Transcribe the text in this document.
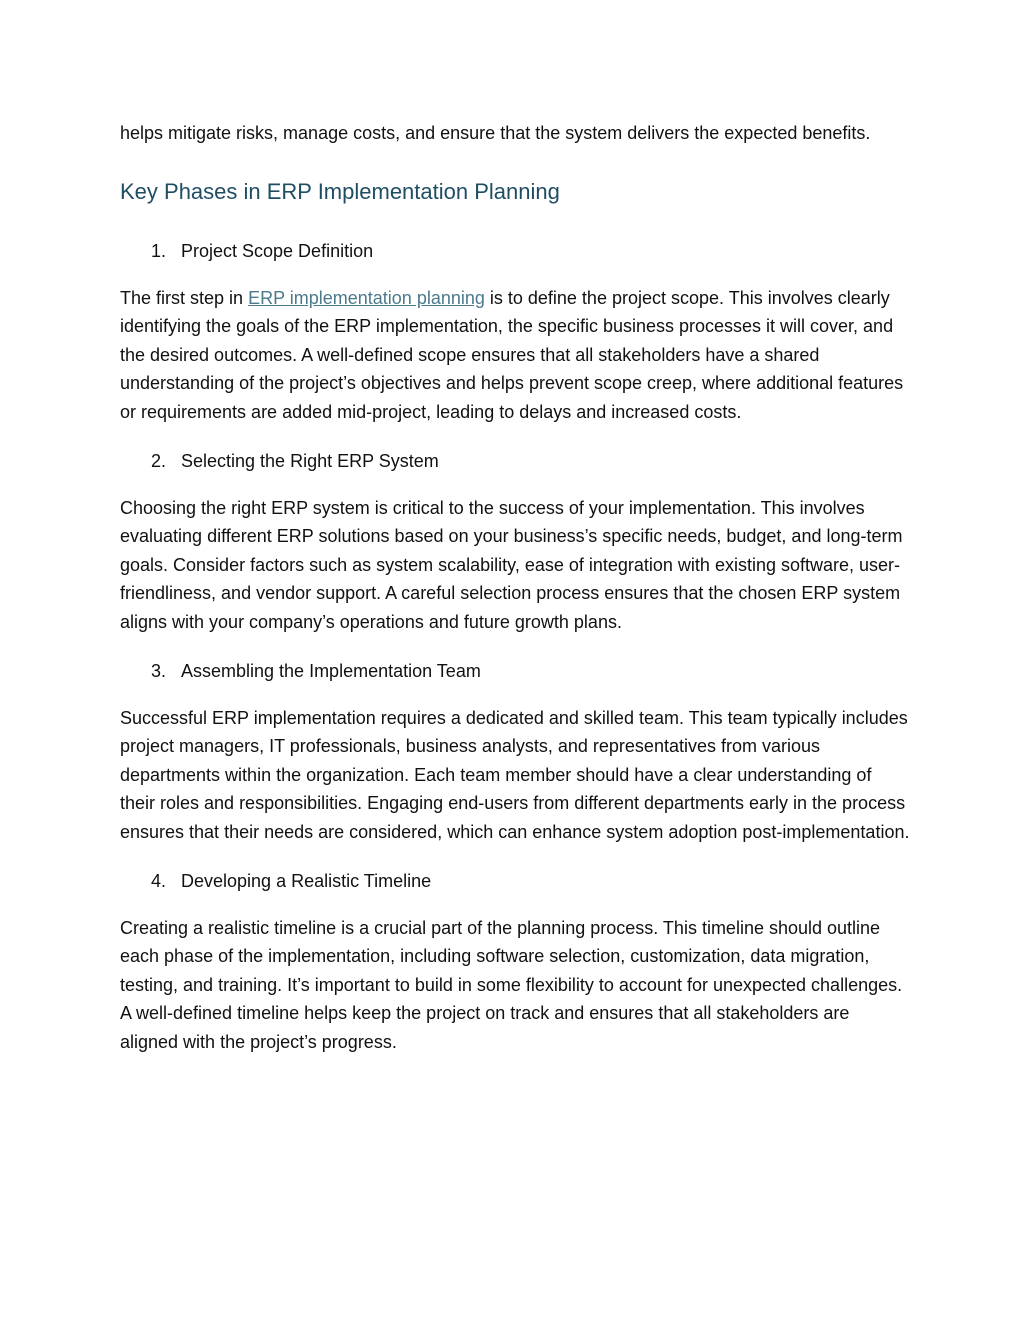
helps mitigate risks, manage costs, and ensure that the system delivers the expected benefits.

Key Phases in ERP Implementation Planning
1. Project Scope Definition

The first step in ERP implementation planning is to define the project scope. This involves clearly identifying the goals of the ERP implementation, the specific business processes it will cover, and the desired outcomes. A well-defined scope ensures that all stakeholders have a shared understanding of the project’s objectives and helps prevent scope creep, where additional features or requirements are added mid-project, leading to delays and increased costs.

2. Selecting the Right ERP System

Choosing the right ERP system is critical to the success of your implementation. This involves evaluating different ERP solutions based on your business’s specific needs, budget, and long-term goals. Consider factors such as system scalability, ease of integration with existing software, user-friendliness, and vendor support. A careful selection process ensures that the chosen ERP system aligns with your company’s operations and future growth plans.

3. Assembling the Implementation Team

Successful ERP implementation requires a dedicated and skilled team. This team typically includes project managers, IT professionals, business analysts, and representatives from various departments within the organization. Each team member should have a clear understanding of their roles and responsibilities. Engaging end-users from different departments early in the process ensures that their needs are considered, which can enhance system adoption post-implementation.

4. Developing a Realistic Timeline

Creating a realistic timeline is a crucial part of the planning process. This timeline should outline each phase of the implementation, including software selection, customization, data migration, testing, and training. It’s important to build in some flexibility to account for unexpected challenges. A well-defined timeline helps keep the project on track and ensures that all stakeholders are aligned with the project’s progress.
